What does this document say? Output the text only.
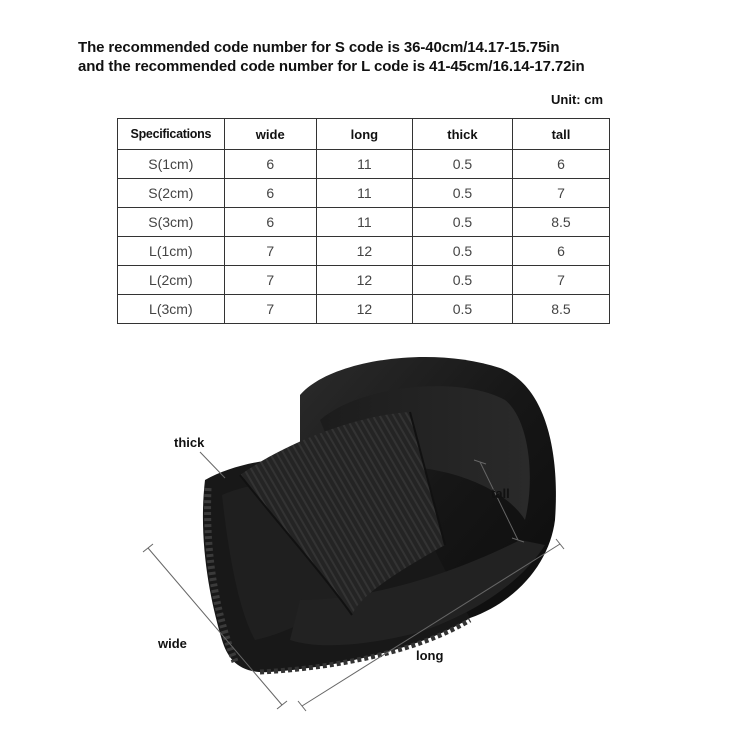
The recommended code number for S code is 36-40cm/14.17-15.75in
and the recommended code number for L code is 41-45cm/16.14-17.72in
Unit: cm
Specifications	wide	long	thick	tall
S(1cm)	6	11	0.5	6
S(2cm)	6	11	0.5	7
S(3cm)	6	11	0.5	8.5
L(1cm)	7	12	0.5	6
L(2cm)	7	12	0.5	7
L(3cm)	7	12	0.5	8.5
thick
tall
wide
long
